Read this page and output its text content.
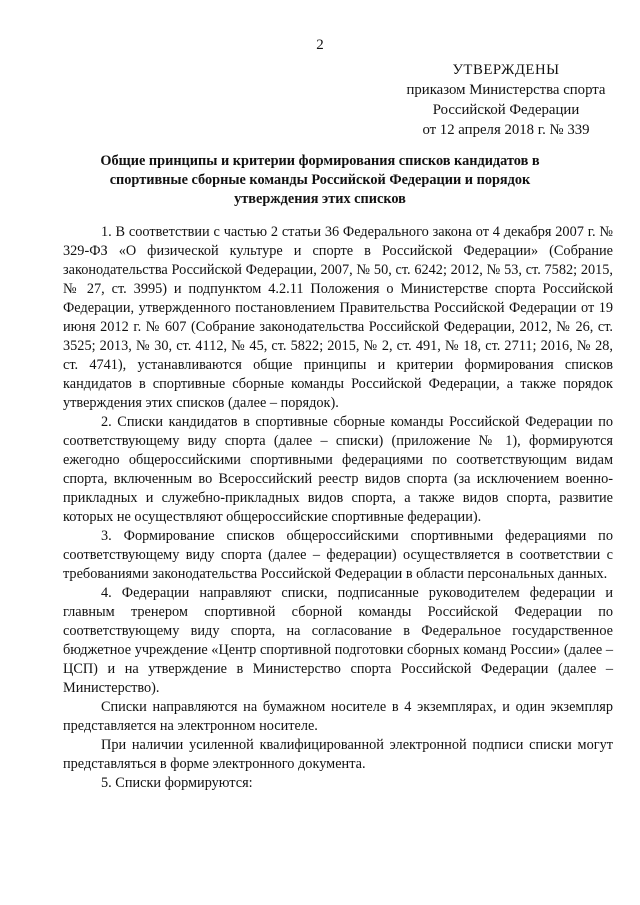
2
УТВЕРЖДЕНЫ
приказом Министерства спорта
Российской Федерации
от 12 апреля 2018 г. № 339
Общие принципы и критерии формирования списков кандидатов в спортивные сборные команды Российской Федерации и порядок утверждения этих списков

1. В соответствии с частью 2 статьи 36 Федерального закона от 4 декабря 2007 г. № 329-ФЗ «О физической культуре и спорте в Российской Федерации» (Собрание законодательства Российской Федерации, 2007, № 50, ст. 6242; 2012, № 53, ст. 7582; 2015, № 27, ст. 3995) и подпунктом 4.2.11 Положения о Министерстве спорта Российской Федерации, утвержденного постановлением Правительства Российской Федерации от 19 июня 2012 г. № 607 (Собрание законодательства Российской Федерации, 2012, № 26, ст. 3525; 2013, № 30, ст. 4112, № 45, ст. 5822; 2015, № 2, ст. 491, № 18, ст. 2711; 2016, № 28, ст. 4741), устанавливаются общие принципы и критерии формирования списков кандидатов в спортивные сборные команды Российской Федерации, а также порядок утверждения этих списков (далее – порядок).

2. Списки кандидатов в спортивные сборные команды Российской Федерации по соответствующему виду спорта (далее – списки) (приложение № 1), формируются ежегодно общероссийскими спортивными федерациями по соответствующим видам спорта, включенным во Всероссийский реестр видов спорта (за исключением военно-прикладных и служебно-прикладных видов спорта, а также видов спорта, развитие которых не осуществляют общероссийские спортивные федерации).

3. Формирование списков общероссийскими спортивными федерациями по соответствующему виду спорта (далее – федерации) осуществляется в соответствии с требованиями законодательства Российской Федерации в области персональных данных.

4. Федерации направляют списки, подписанные руководителем федерации и главным тренером спортивной сборной команды Российской Федерации по соответствующему виду спорта, на согласование в Федеральное государственное бюджетное учреждение «Центр спортивной подготовки сборных команд России» (далее – ЦСП) и на утверждение в Министерство спорта Российской Федерации (далее – Министерство).

Списки направляются на бумажном носителе в 4 экземплярах, и один экземпляр представляется на электронном носителе.

При наличии усиленной квалифицированной электронной подписи списки могут представляться в форме электронного документа.

5. Списки формируются:
